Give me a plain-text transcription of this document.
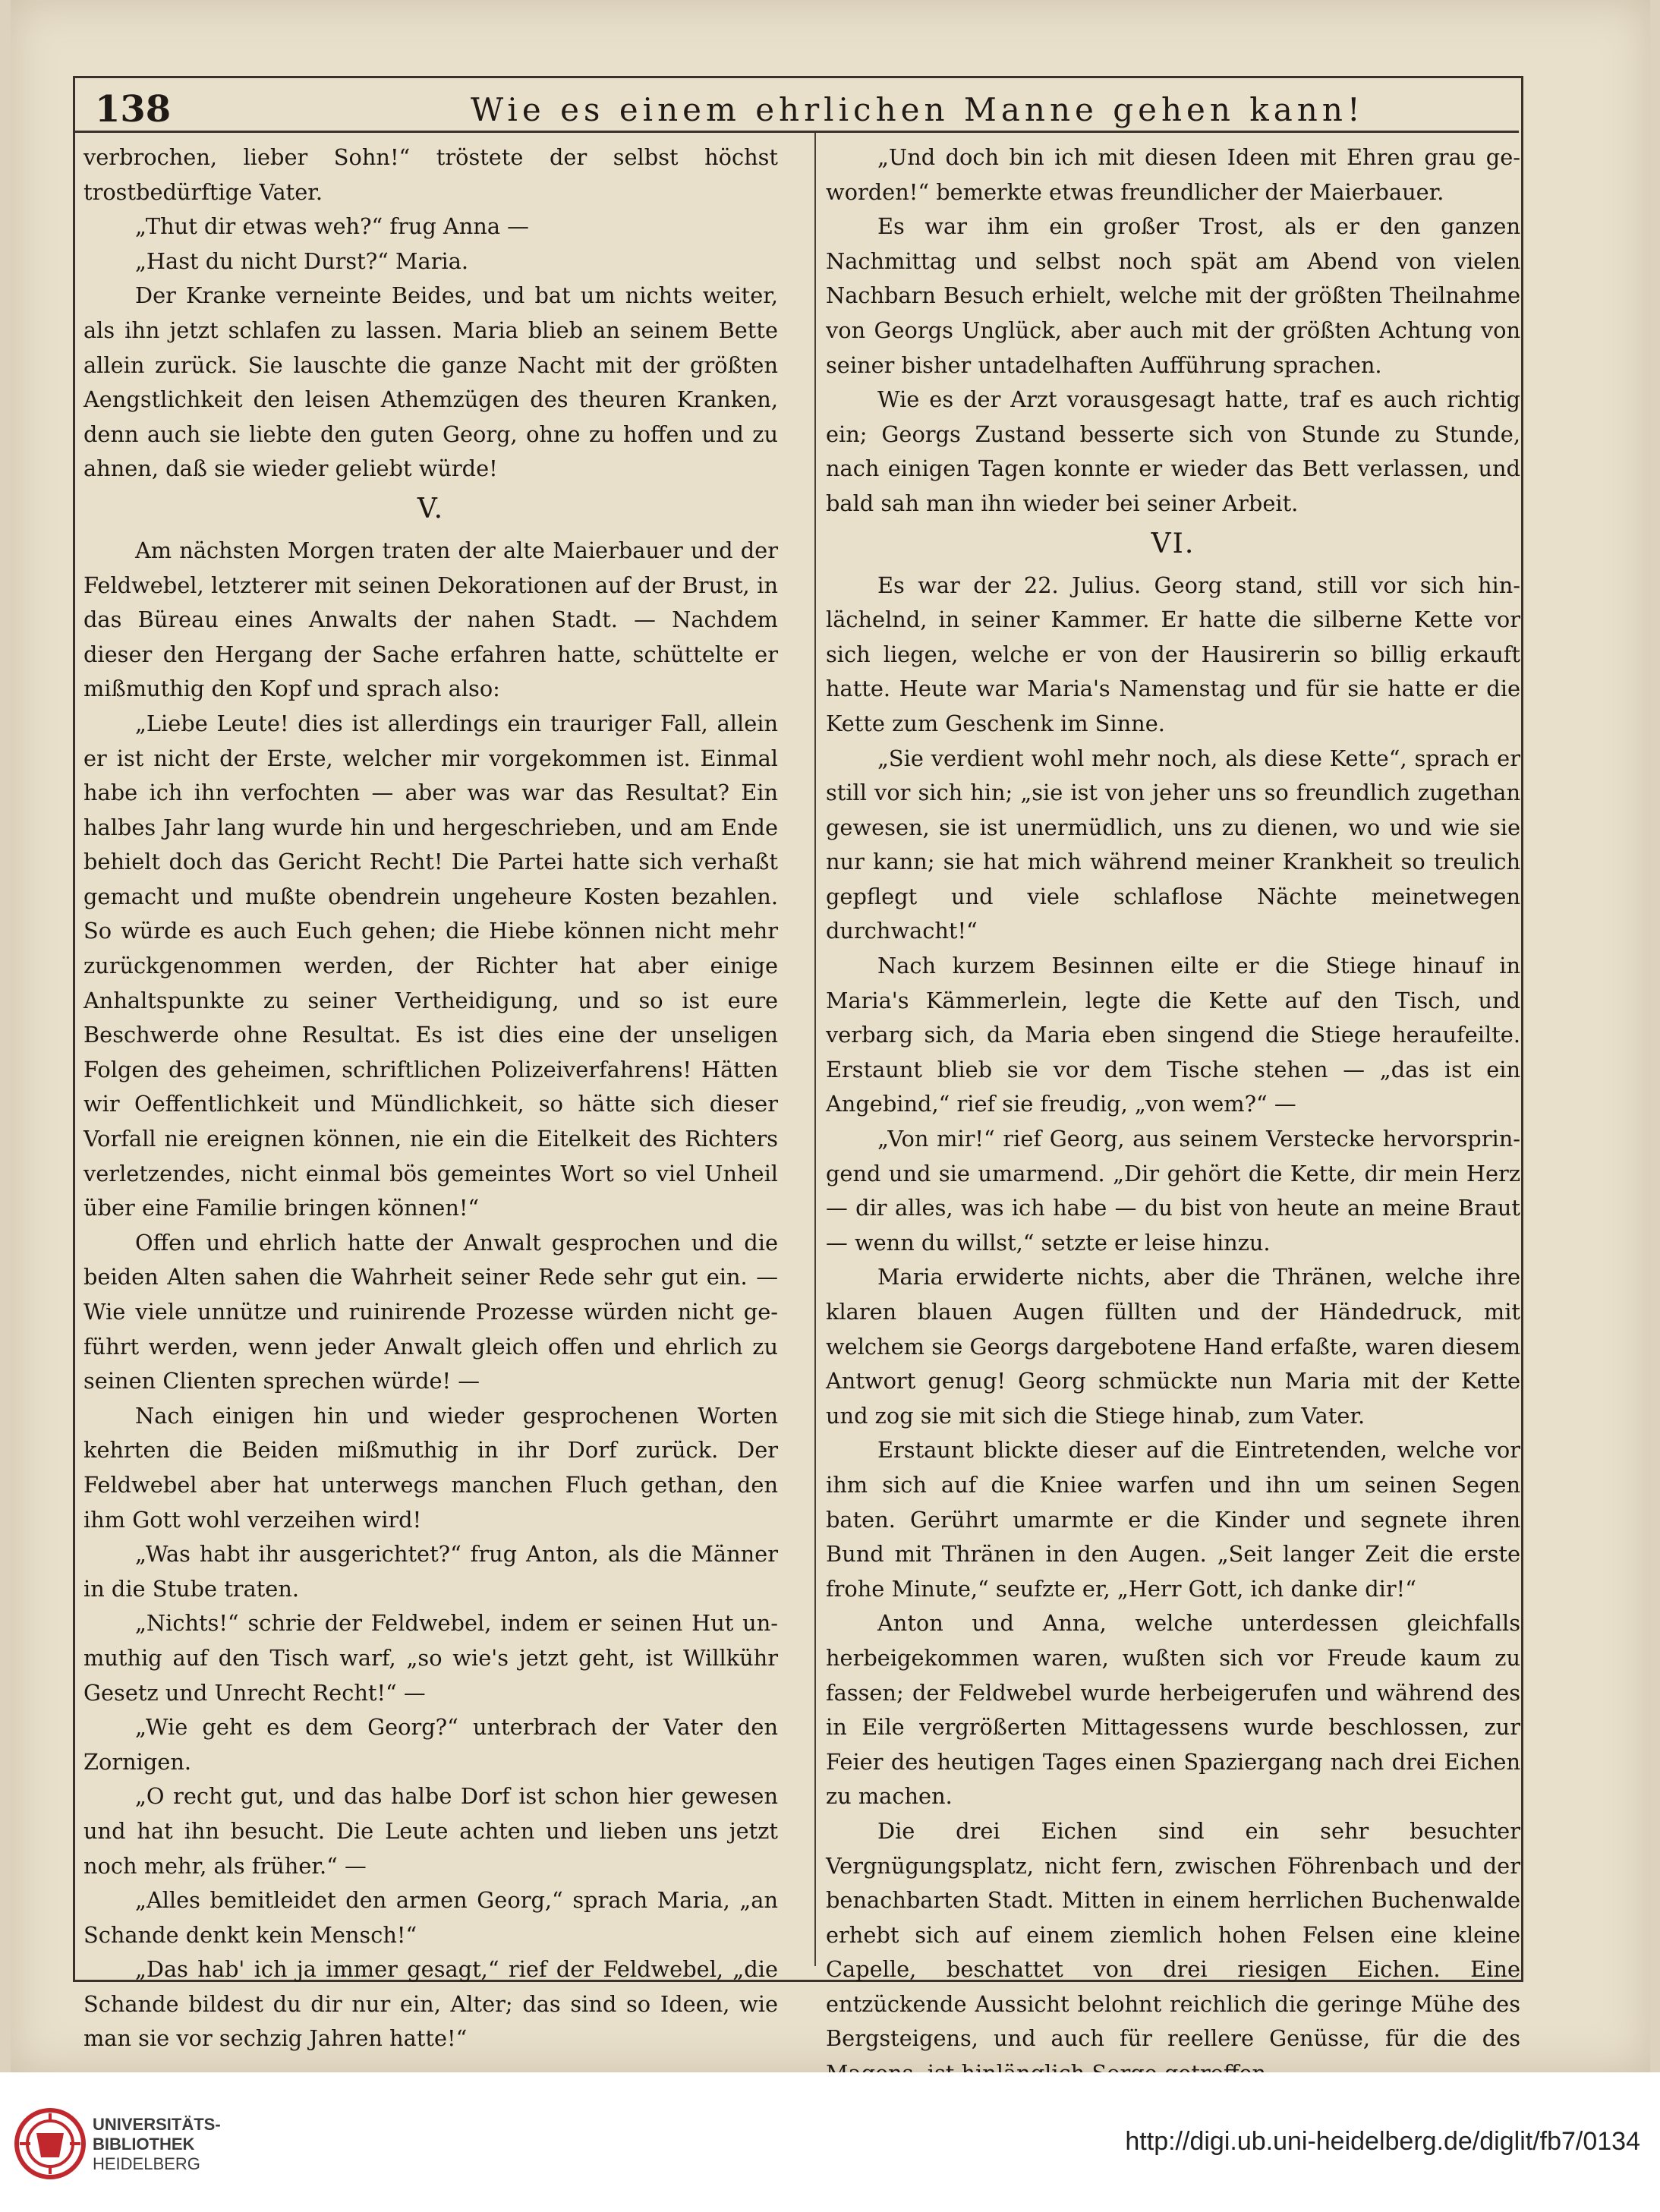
138	Wie es einem ehrlichen Manne gehen kann!

verbrochen, lieber Sohn!“ tröstete der selbst höchst trostbedürftige Vater.

„Thut dir etwas weh?“ frug Anna —

„Hast du nicht Durst?“ Maria.

Der Kranke verneinte Beides, und bat um nichts weiter, als ihn jetzt schlafen zu lassen. Maria blieb an seinem Bette allein zurück. Sie lauschte die ganze Nacht mit der größten Aengstlichkeit den leisen Athemzügen des theuren Kranken, denn auch sie liebte den guten Georg, ohne zu hoffen und zu ahnen, daß sie wieder geliebt würde!

V.

Am nächsten Morgen traten der alte Maierbauer und der Feldwebel, letzterer mit seinen Dekorationen auf der Brust, in das Büreau eines Anwalts der nahen Stadt. — Nachdem dieser den Hergang der Sache erfahren hatte, schüttelte er mißmuthig den Kopf und sprach also:

„Liebe Leute! dies ist allerdings ein trauriger Fall, allein er ist nicht der Erste, welcher mir vorgekommen ist. Einmal habe ich ihn verfochten — aber was war das Resultat? Ein halbes Jahr lang wurde hin und hergeschrieben, und am Ende behielt doch das Gericht Recht! Die Partei hatte sich verhaßt gemacht und mußte obendrein ungeheure Kosten bezahlen. So würde es auch Euch gehen; die Hiebe können nicht mehr zurückgenommen werden, der Richter hat aber einige Anhaltspunkte zu seiner Vertheidigung, und so ist eure Beschwerde ohne Resultat. Es ist dies eine der unseligen Folgen des geheimen, schriftlichen Polizeiverfahrens! Hätten wir Oeffentlichkeit und Mündlichkeit, so hätte sich dieser Vorfall nie ereignen können, nie ein die Eitelkeit des Richters verletzendes, nicht einmal bös gemeintes Wort so viel Unheil über eine Familie bringen können!“

Offen und ehrlich hatte der Anwalt gesprochen und die beiden Alten sahen die Wahrheit seiner Rede sehr gut ein. — Wie viele unnütze und ruinirende Prozesse würden nicht geführt werden, wenn jeder Anwalt gleich offen und ehrlich zu seinen Clienten sprechen würde! —

Nach einigen hin und wieder gesprochenen Worten kehrten die Beiden mißmuthig in ihr Dorf zurück. Der Feldwebel aber hat unterwegs manchen Fluch gethan, den ihm Gott wohl verzeihen wird!

„Was habt ihr ausgerichtet?“ frug Anton, als die Männer in die Stube traten.

„Nichts!“ schrie der Feldwebel, indem er seinen Hut unmuthig auf den Tisch warf, „so wie's jetzt geht, ist Willkühr Gesetz und Unrecht Recht!“ —

„Wie geht es dem Georg?“ unterbrach der Vater den Zornigen.

„O recht gut, und das halbe Dorf ist schon hier gewesen und hat ihn besucht. Die Leute achten und lieben uns jetzt noch mehr, als früher.“ —

„Alles bemitleidet den armen Georg,“ sprach Maria, „an Schande denkt kein Mensch!“

„Das hab' ich ja immer gesagt,“ rief der Feldwebel, „die Schande bildest du dir nur ein, Alter; das sind so Ideen, wie man sie vor sechzig Jahren hatte!“

„Und doch bin ich mit diesen Ideen mit Ehren grau geworden!“ bemerkte etwas freundlicher der Maierbauer.

Es war ihm ein großer Trost, als er den ganzen Nachmittag und selbst noch spät am Abend von vielen Nachbarn Besuch erhielt, welche mit der größten Theilnahme von Georgs Unglück, aber auch mit der größten Achtung von seiner bisher untadelhaften Aufführung sprachen.

Wie es der Arzt vorausgesagt hatte, traf es auch richtig ein; Georgs Zustand besserte sich von Stunde zu Stunde, nach einigen Tagen konnte er wieder das Bett verlassen, und bald sah man ihn wieder bei seiner Arbeit.

VI.

Es war der 22. Julius. Georg stand, still vor sich hinlächelnd, in seiner Kammer. Er hatte die silberne Kette vor sich liegen, welche er von der Hausirerin so billig erkauft hatte. Heute war Maria's Namenstag und für sie hatte er die Kette zum Geschenk im Sinne.

„Sie verdient wohl mehr noch, als diese Kette“, sprach er still vor sich hin; „sie ist von jeher uns so freundlich zugethan gewesen, sie ist unermüdlich, uns zu dienen, wo und wie sie nur kann; sie hat mich während meiner Krankheit so treulich gepflegt und viele schlaflose Nächte meinetwegen durchwacht!“

Nach kurzem Besinnen eilte er die Stiege hinauf in Maria's Kämmerlein, legte die Kette auf den Tisch, und verbarg sich, da Maria eben singend die Stiege heraufeilte. Erstaunt blieb sie vor dem Tische stehen — „das ist ein Angebind,“ rief sie freudig, „von wem?“ —

„Von mir!“ rief Georg, aus seinem Verstecke hervorspringend und sie umarmend. „Dir gehört die Kette, dir mein Herz — dir alles, was ich habe — du bist von heute an meine Braut — wenn du willst,“ setzte er leise hinzu.

Maria erwiderte nichts, aber die Thränen, welche ihre klaren blauen Augen füllten und der Händedruck, mit welchem sie Georgs dargebotene Hand erfaßte, waren diesem Antwort genug! Georg schmückte nun Maria mit der Kette und zog sie mit sich die Stiege hinab, zum Vater.

Erstaunt blickte dieser auf die Eintretenden, welche vor ihm sich auf die Kniee warfen und ihn um seinen Segen baten. Gerührt umarmte er die Kinder und segnete ihren Bund mit Thränen in den Augen. „Seit langer Zeit die erste frohe Minute,“ seufzte er, „Herr Gott, ich danke dir!“

Anton und Anna, welche unterdessen gleichfalls herbeigekommen waren, wußten sich vor Freude kaum zu fassen; der Feldwebel wurde herbeigerufen und während des in Eile vergrößerten Mittagessens wurde beschlossen, zur Feier des heutigen Tages einen Spaziergang nach drei Eichen zu machen.

Die drei Eichen sind ein sehr besuchter Vergnügungsplatz, nicht fern, zwischen Föhrenbach und der benachbarten Stadt. Mitten in einem herrlichen Buchenwalde erhebt sich auf einem ziemlich hohen Felsen eine kleine Capelle, beschattet von drei riesigen Eichen. Eine entzückende Aussicht belohnt reichlich die geringe Mühe des Bergsteigens, und auch für reellere Genüsse, für die des

UNIVERSITÄTS-
BIBLIOTHEK
HEIDELBERG
http://digi.ub.uni-heidelberg.de/diglit/fb7/0134
